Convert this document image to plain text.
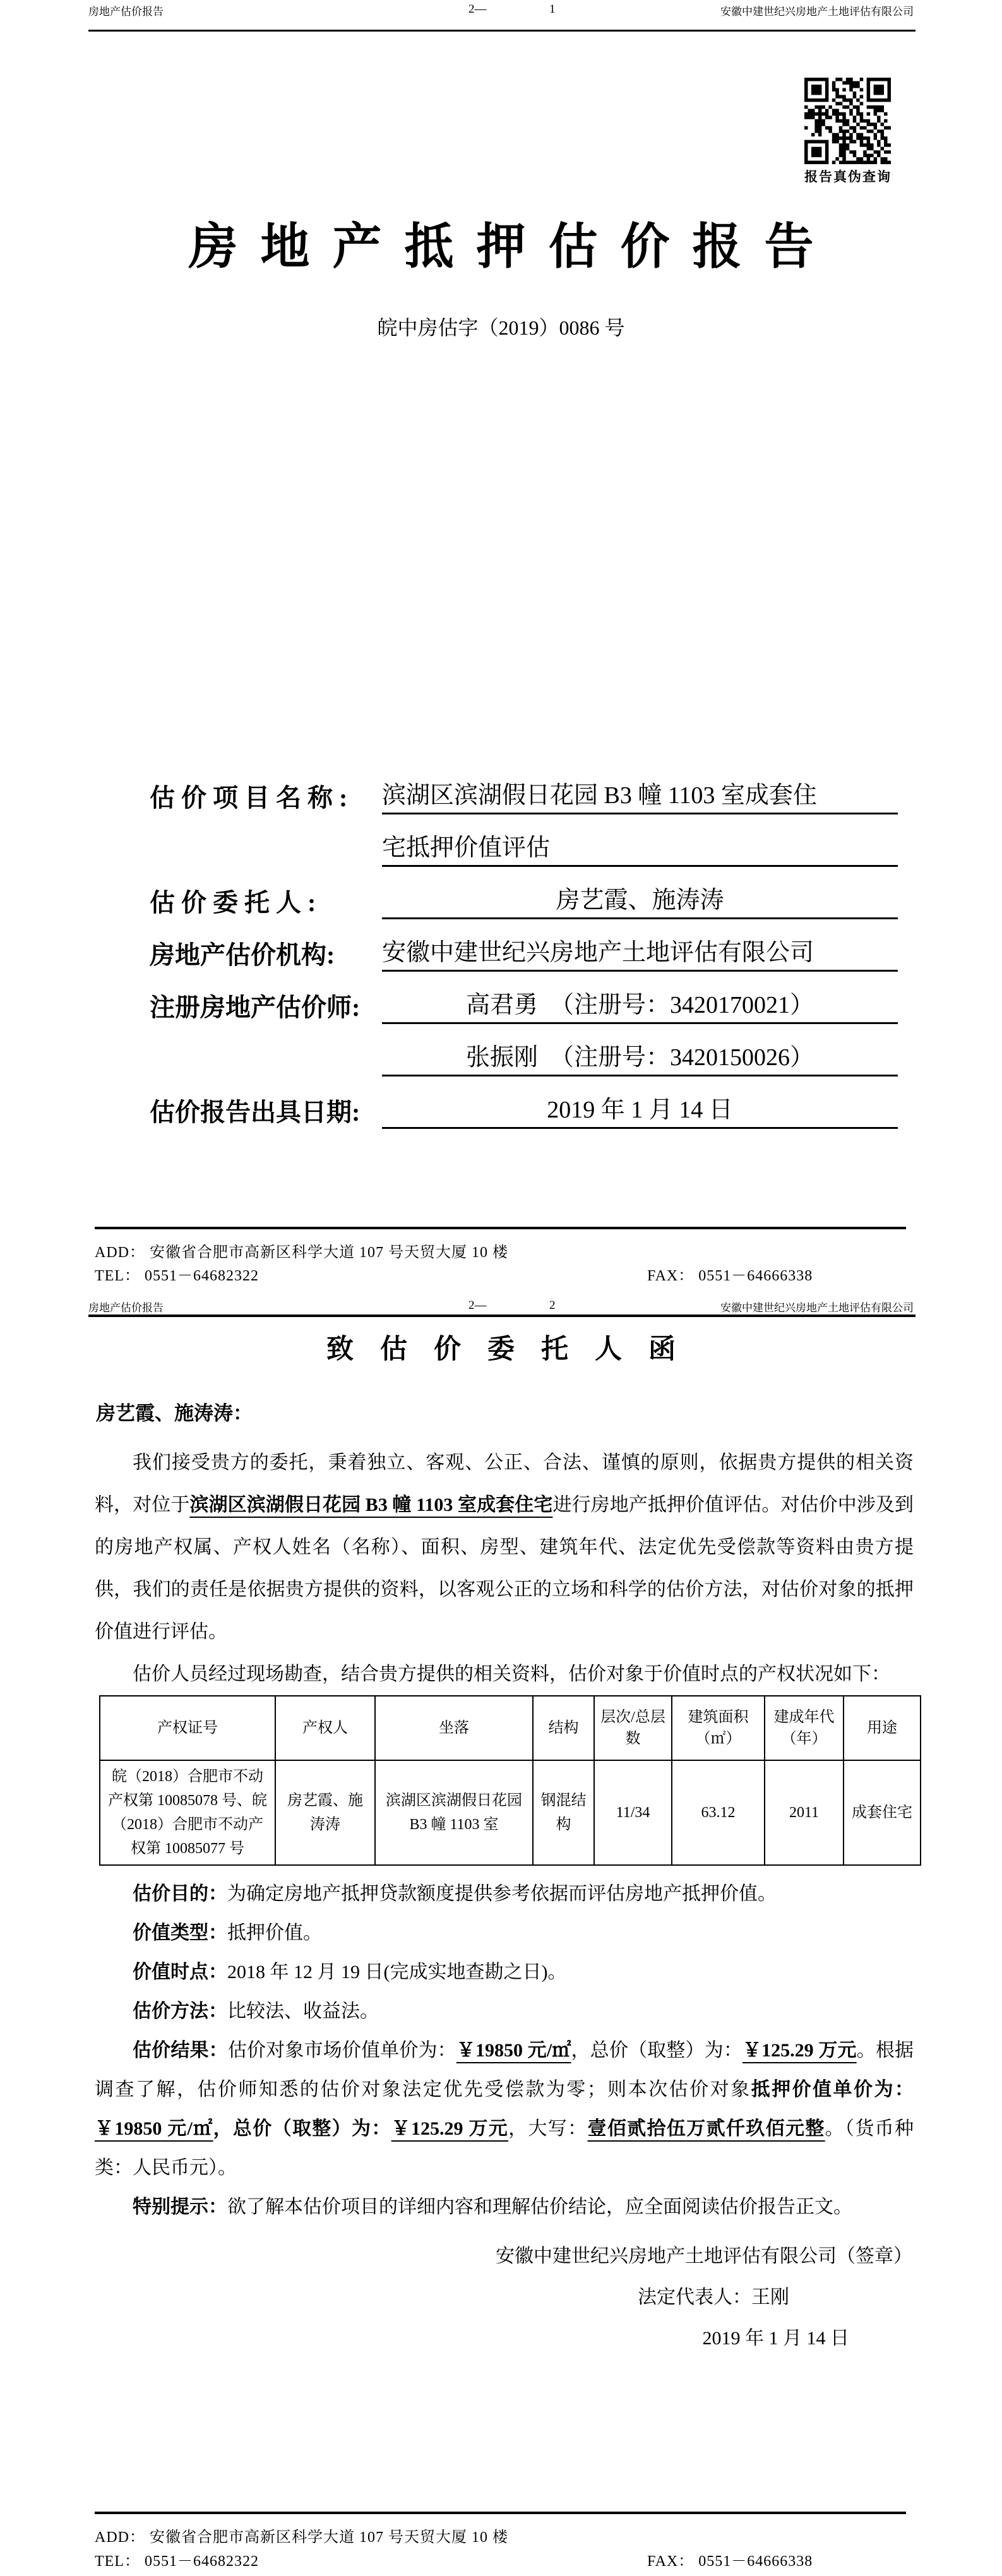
房地产估价报告	2—	1	安徽中建世纪兴房地产土地评估有限公司
报告真伪查询
房地产抵押估价报告
皖中房估字（2019）0086 号
估 价 项 目 名 称 :	滨湖区滨湖假日花园 B3 幢 1103 室成套住
宅抵押价值评估
估 价 委 托 人 :	房艺霞、施涛涛
房地产估价机构:	安徽中建世纪兴房地产土地评估有限公司
注册房地产估价师:	高君勇　（注册号：3420170021）
张振刚　（注册号：3420150026）
估价报告出具日期:	2019 年 1 月 14 日
ADD： 安徽省合肥市高新区科学大道 107 号天贸大厦 10 楼
TEL： 0551－64682322	FAX： 0551－64666338
房地产估价报告	2—	2	安徽中建世纪兴房地产土地评估有限公司
致估价委托人函
房艺霞、施涛涛：

我们接受贵方的委托，秉着独立、客观、公正、合法、谨慎的原则，依据贵方提供的相关资料，对位于滨湖区滨湖假日花园 B3 幢 1103 室成套住宅进行房地产抵押价值评估。对估价中涉及到的房地产权属、产权人姓名（名称）、面积、房型、建筑年代、法定优先受偿款等资料由贵方提供，我们的责任是依据贵方提供的资料，以客观公正的立场和科学的估价方法，对估价对象的抵押价值进行评估。

估价人员经过现场勘查，结合贵方提供的相关资料，估价对象于价值时点的产权状况如下：

产权证号	产权人	坐落	结构	层次/总层数	建筑面积（㎡）	建成年代（年）	用途
皖（2018）合肥市不动产权第 10085078 号、皖（2018）合肥市不动产权第 10085077 号	房艺霞、施涛涛	滨湖区滨湖假日花园 B3 幢 1103 室	钢混结构	11/34	63.12	2011	成套住宅

估价目的：为确定房地产抵押贷款额度提供参考依据而评估房地产抵押价值。

价值类型：抵押价值。

价值时点：2018 年 12 月 19 日(完成实地查勘之日)。

估价方法：比较法、收益法。

估价结果：估价对象市场价值单价为：￥19850 元/㎡，总价（取整）为：￥125.29 万元。根据调查了解，估价师知悉的估价对象法定优先受偿款为零；则本次估价对象抵押价值单价为：￥19850 元/㎡，总价（取整）为：￥125.29 万元，大写：壹佰贰拾伍万贰仟玖佰元整。（货币种类：人民币元）。

特别提示：欲了解本估价项目的详细内容和理解估价结论，应全面阅读估价报告正文。

安徽中建世纪兴房地产土地评估有限公司（签章）
法定代表人：王刚
2019 年 1 月 14 日
ADD： 安徽省合肥市高新区科学大道 107 号天贸大厦 10 楼
TEL： 0551－64682322	FAX： 0551－64666338
